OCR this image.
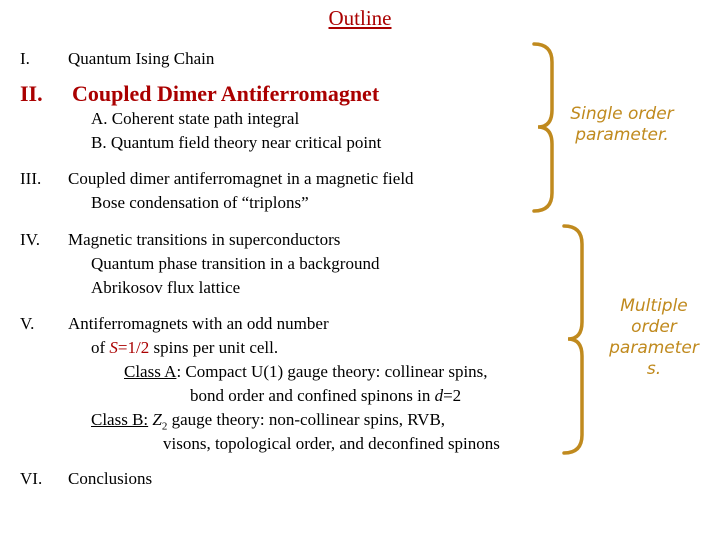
Outline
I. Quantum Ising Chain
II. Coupled Dimer Antiferromagnet
A. Coherent state path integral
B. Quantum field theory near critical point
III. Coupled dimer antiferromagnet in a magnetic field
Bose condensation of “triplons”
IV. Magnetic transitions in superconductors
Quantum phase transition in a background
Abrikosov flux lattice
V. Antiferromagnets with an odd number
of S=1/2 spins per unit cell.
Class A: Compact U(1) gauge theory: collinear spins,
bond order and confined spinons in d=2
Class B: $Z_2$ gauge theory: non-collinear spins, RVB,
visons, topological order, and deconfined spinons
VI. Conclusions
Single order
parameter.
Multiple
order
parameter
s.
